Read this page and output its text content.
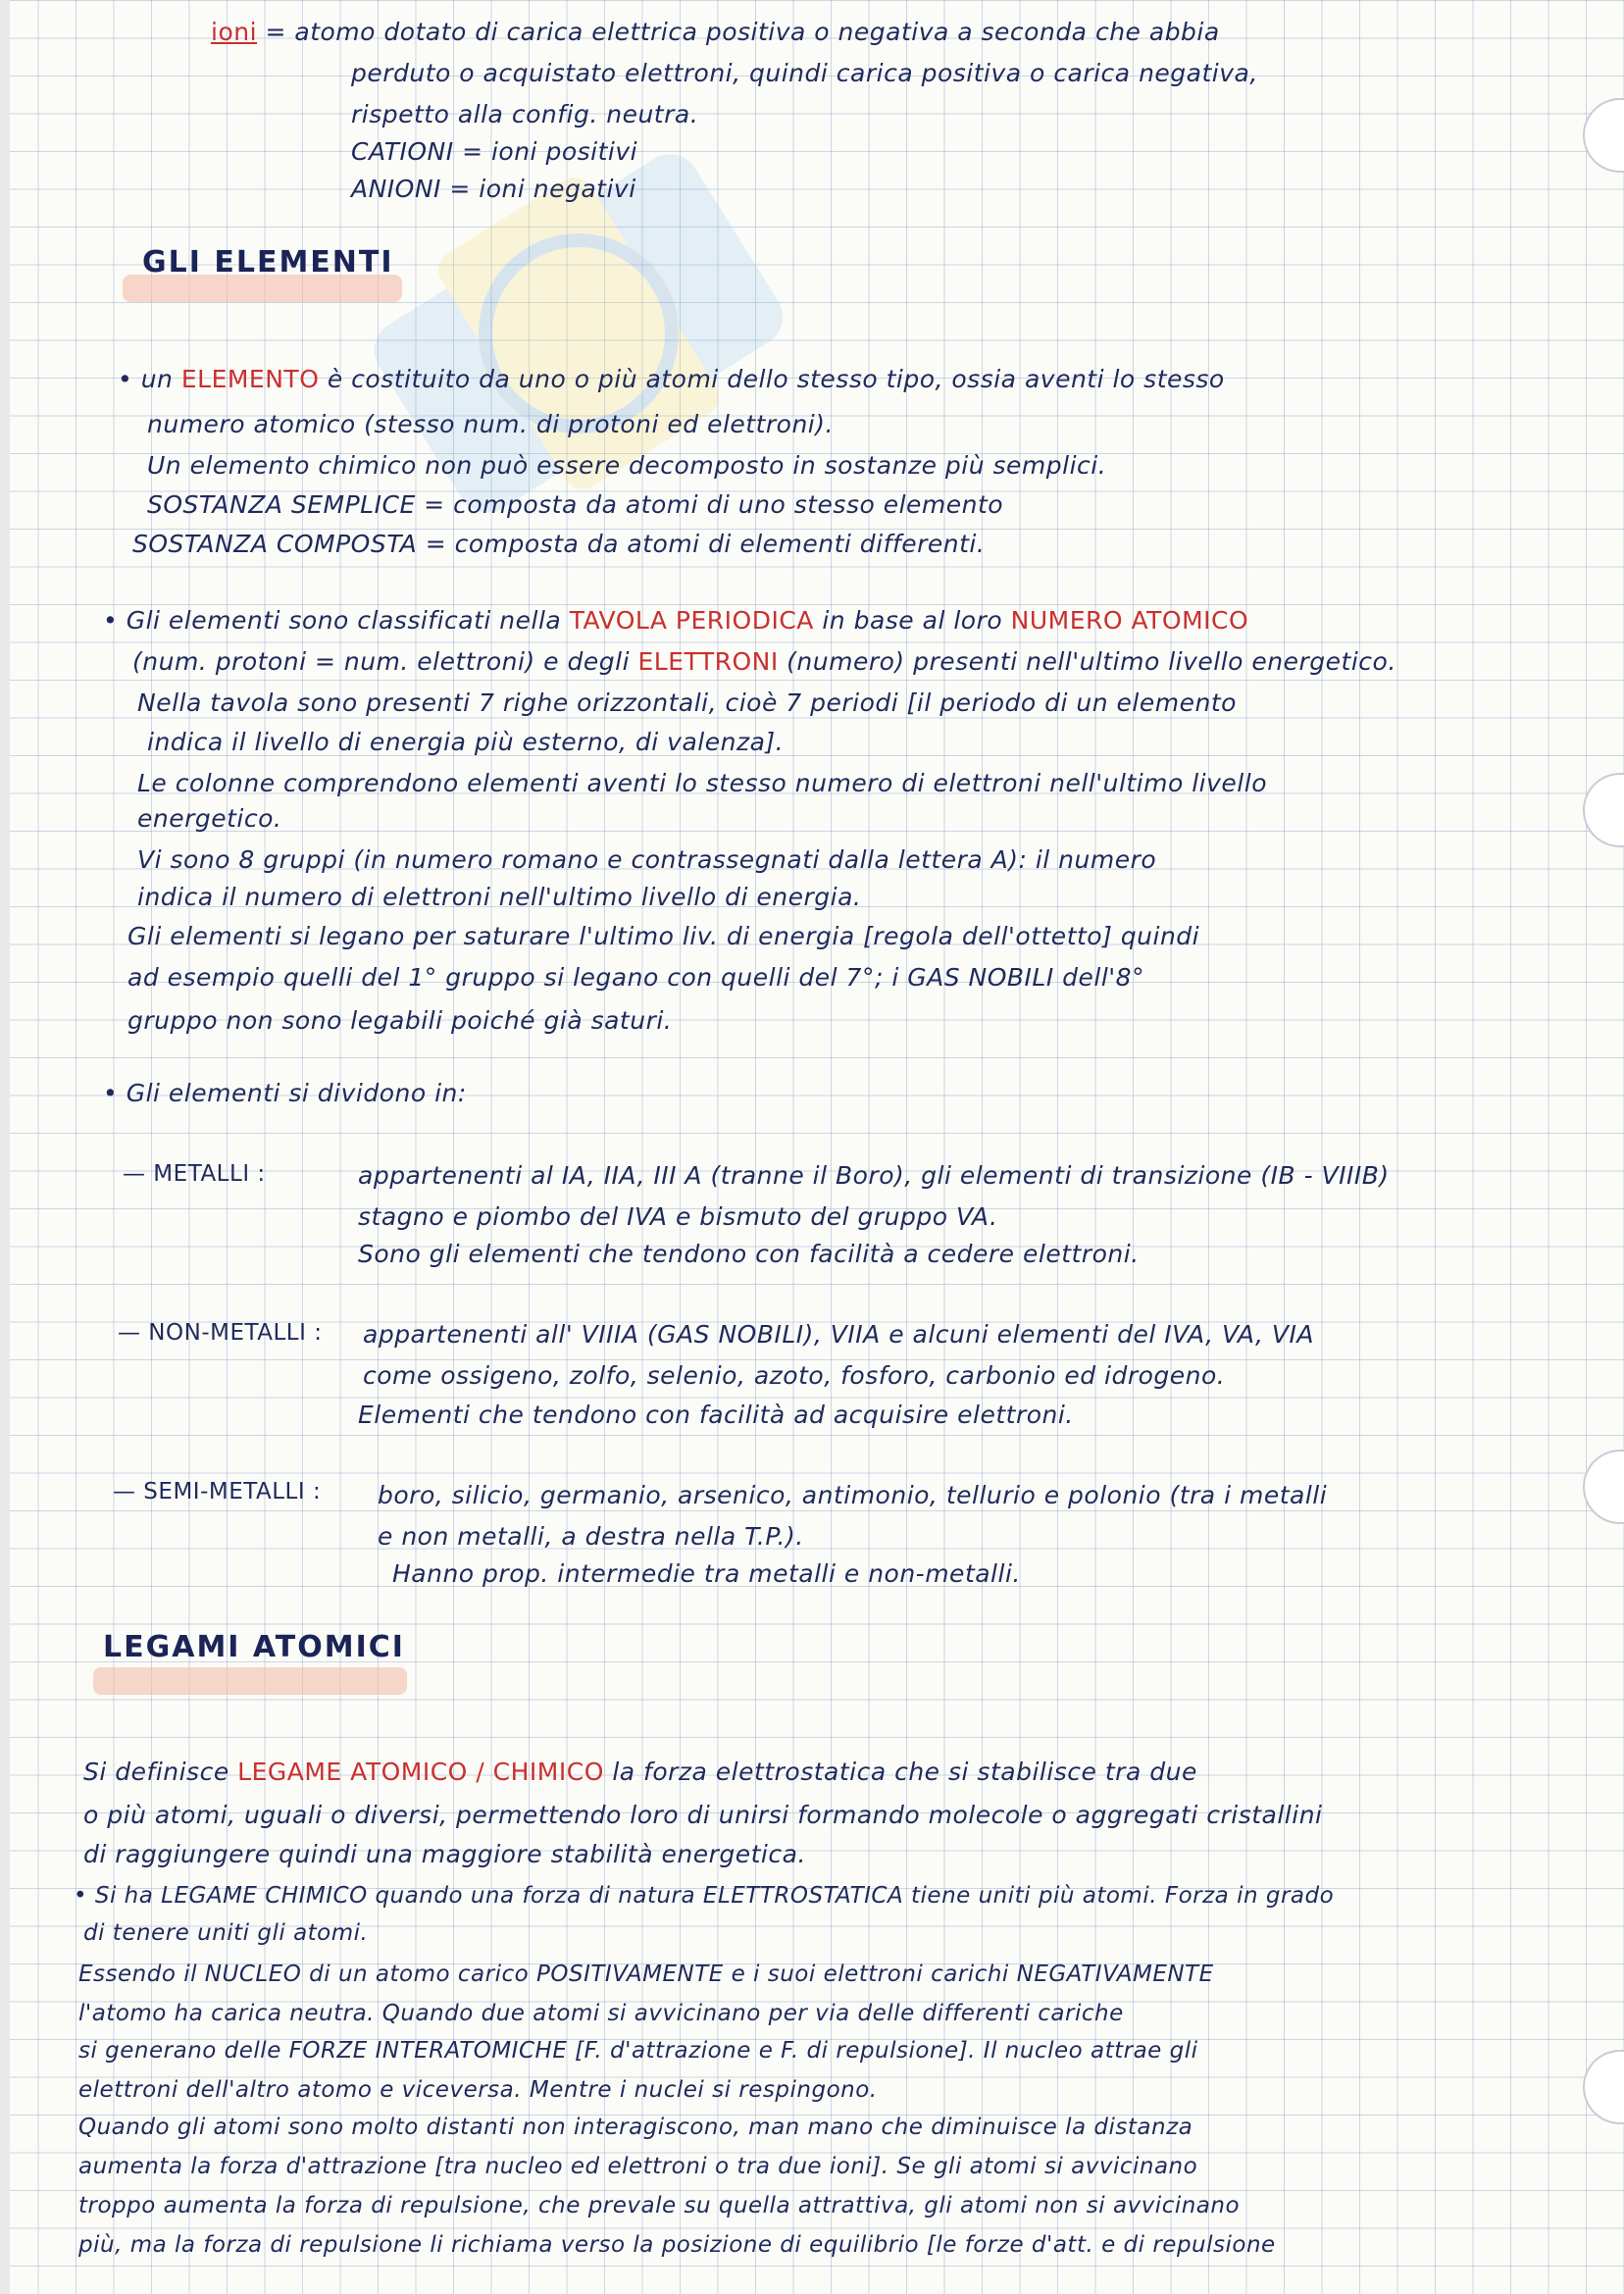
ioni = atomo dotato di carica elettrica positiva o negativa a seconda che abbia
perduto o acquistato elettroni, quindi carica positiva o carica negativa,
rispetto alla config. neutra.
CATIONI = ioni positivi
ANIONI = ioni negativi
GLI ELEMENTI
• un ELEMENTO è costituito da uno o più atomi dello stesso tipo, ossia aventi lo stesso
numero atomico (stesso num. di protoni ed elettroni).
Un elemento chimico non può essere decomposto in sostanze più semplici.
SOSTANZA SEMPLICE = composta da atomi di uno stesso elemento
SOSTANZA COMPOSTA = composta da atomi di elementi differenti.
• Gli elementi sono classificati nella TAVOLA PERIODICA in base al loro NUMERO ATOMICO
(num. protoni = num. elettroni) e degli ELETTRONI (numero) presenti nell'ultimo livello energetico.
Nella tavola sono presenti 7 righe orizzontali, cioè 7 periodi [il periodo di un elemento
indica il livello di energia più esterno, di valenza].
Le colonne comprendono elementi aventi lo stesso numero di elettroni nell'ultimo livello
energetico.
Vi sono 8 gruppi (in numero romano e contrassegnati dalla lettera A): il numero
indica il numero di elettroni nell'ultimo livello di energia.
Gli elementi si legano per saturare l'ultimo liv. di energia [regola dell'ottetto] quindi
ad esempio quelli del 1° gruppo si legano con quelli del 7°; i GAS NOBILI dell'8°
gruppo non sono legabili poiché già saturi.
• Gli elementi si dividono in:
— METALLI :	appartenenti al IA, IIA, III A (tranne il Boro), gli elementi di transizione (IB - VIIIB)
stagno e piombo del IVA e bismuto del gruppo VA.
Sono gli elementi che tendono con facilità a cedere elettroni.
— NON-METALLI : appartenenti all' VIIIA (GAS NOBILI), VIIA e alcuni elementi del IVA, VA, VIA
come ossigeno, zolfo, selenio, azoto, fosforo, carbonio ed idrogeno.
Elementi che tendono con facilità ad acquisire elettroni.
— SEMI-METALLI : boro, silicio, germanio, arsenico, antimonio, tellurio e polonio (tra i metalli
e non metalli, a destra nella T.P.).
Hanno prop. intermedie tra metalli e non-metalli.
LEGAMI ATOMICI
Si definisce LEGAME ATOMICO / CHIMICO la forza elettrostatica che si stabilisce tra due
o più atomi, uguali o diversi, permettendo loro di unirsi formando molecole o aggregati cristallini
di raggiungere quindi una maggiore stabilità energetica.
• Si ha LEGAME CHIMICO quando una forza di natura ELETTROSTATICA tiene uniti più atomi. Forza in grado
di tenere uniti gli atomi.
Essendo il NUCLEO di un atomo carico POSITIVAMENTE e i suoi elettroni carichi NEGATIVAMENTE
l'atomo ha carica neutra. Quando due atomi si avvicinano per via delle differenti cariche
si generano delle FORZE INTERATOMICHE [F. d'attrazione e F. di repulsione]. Il nucleo attrae gli
elettroni dell'altro atomo e viceversa. Mentre i nuclei si respingono.
Quando gli atomi sono molto distanti non interagiscono, man mano che diminuisce la distanza
aumenta la forza d'attrazione [tra nucleo ed elettroni o tra due ioni]. Se gli atomi si avvicinano
troppo aumenta la forza di repulsione, che prevale su quella attrattiva, gli atomi non si avvicinano
più, ma la forza di repulsione li richiama verso la posizione di equilibrio [le forze d'att. e di repulsione
